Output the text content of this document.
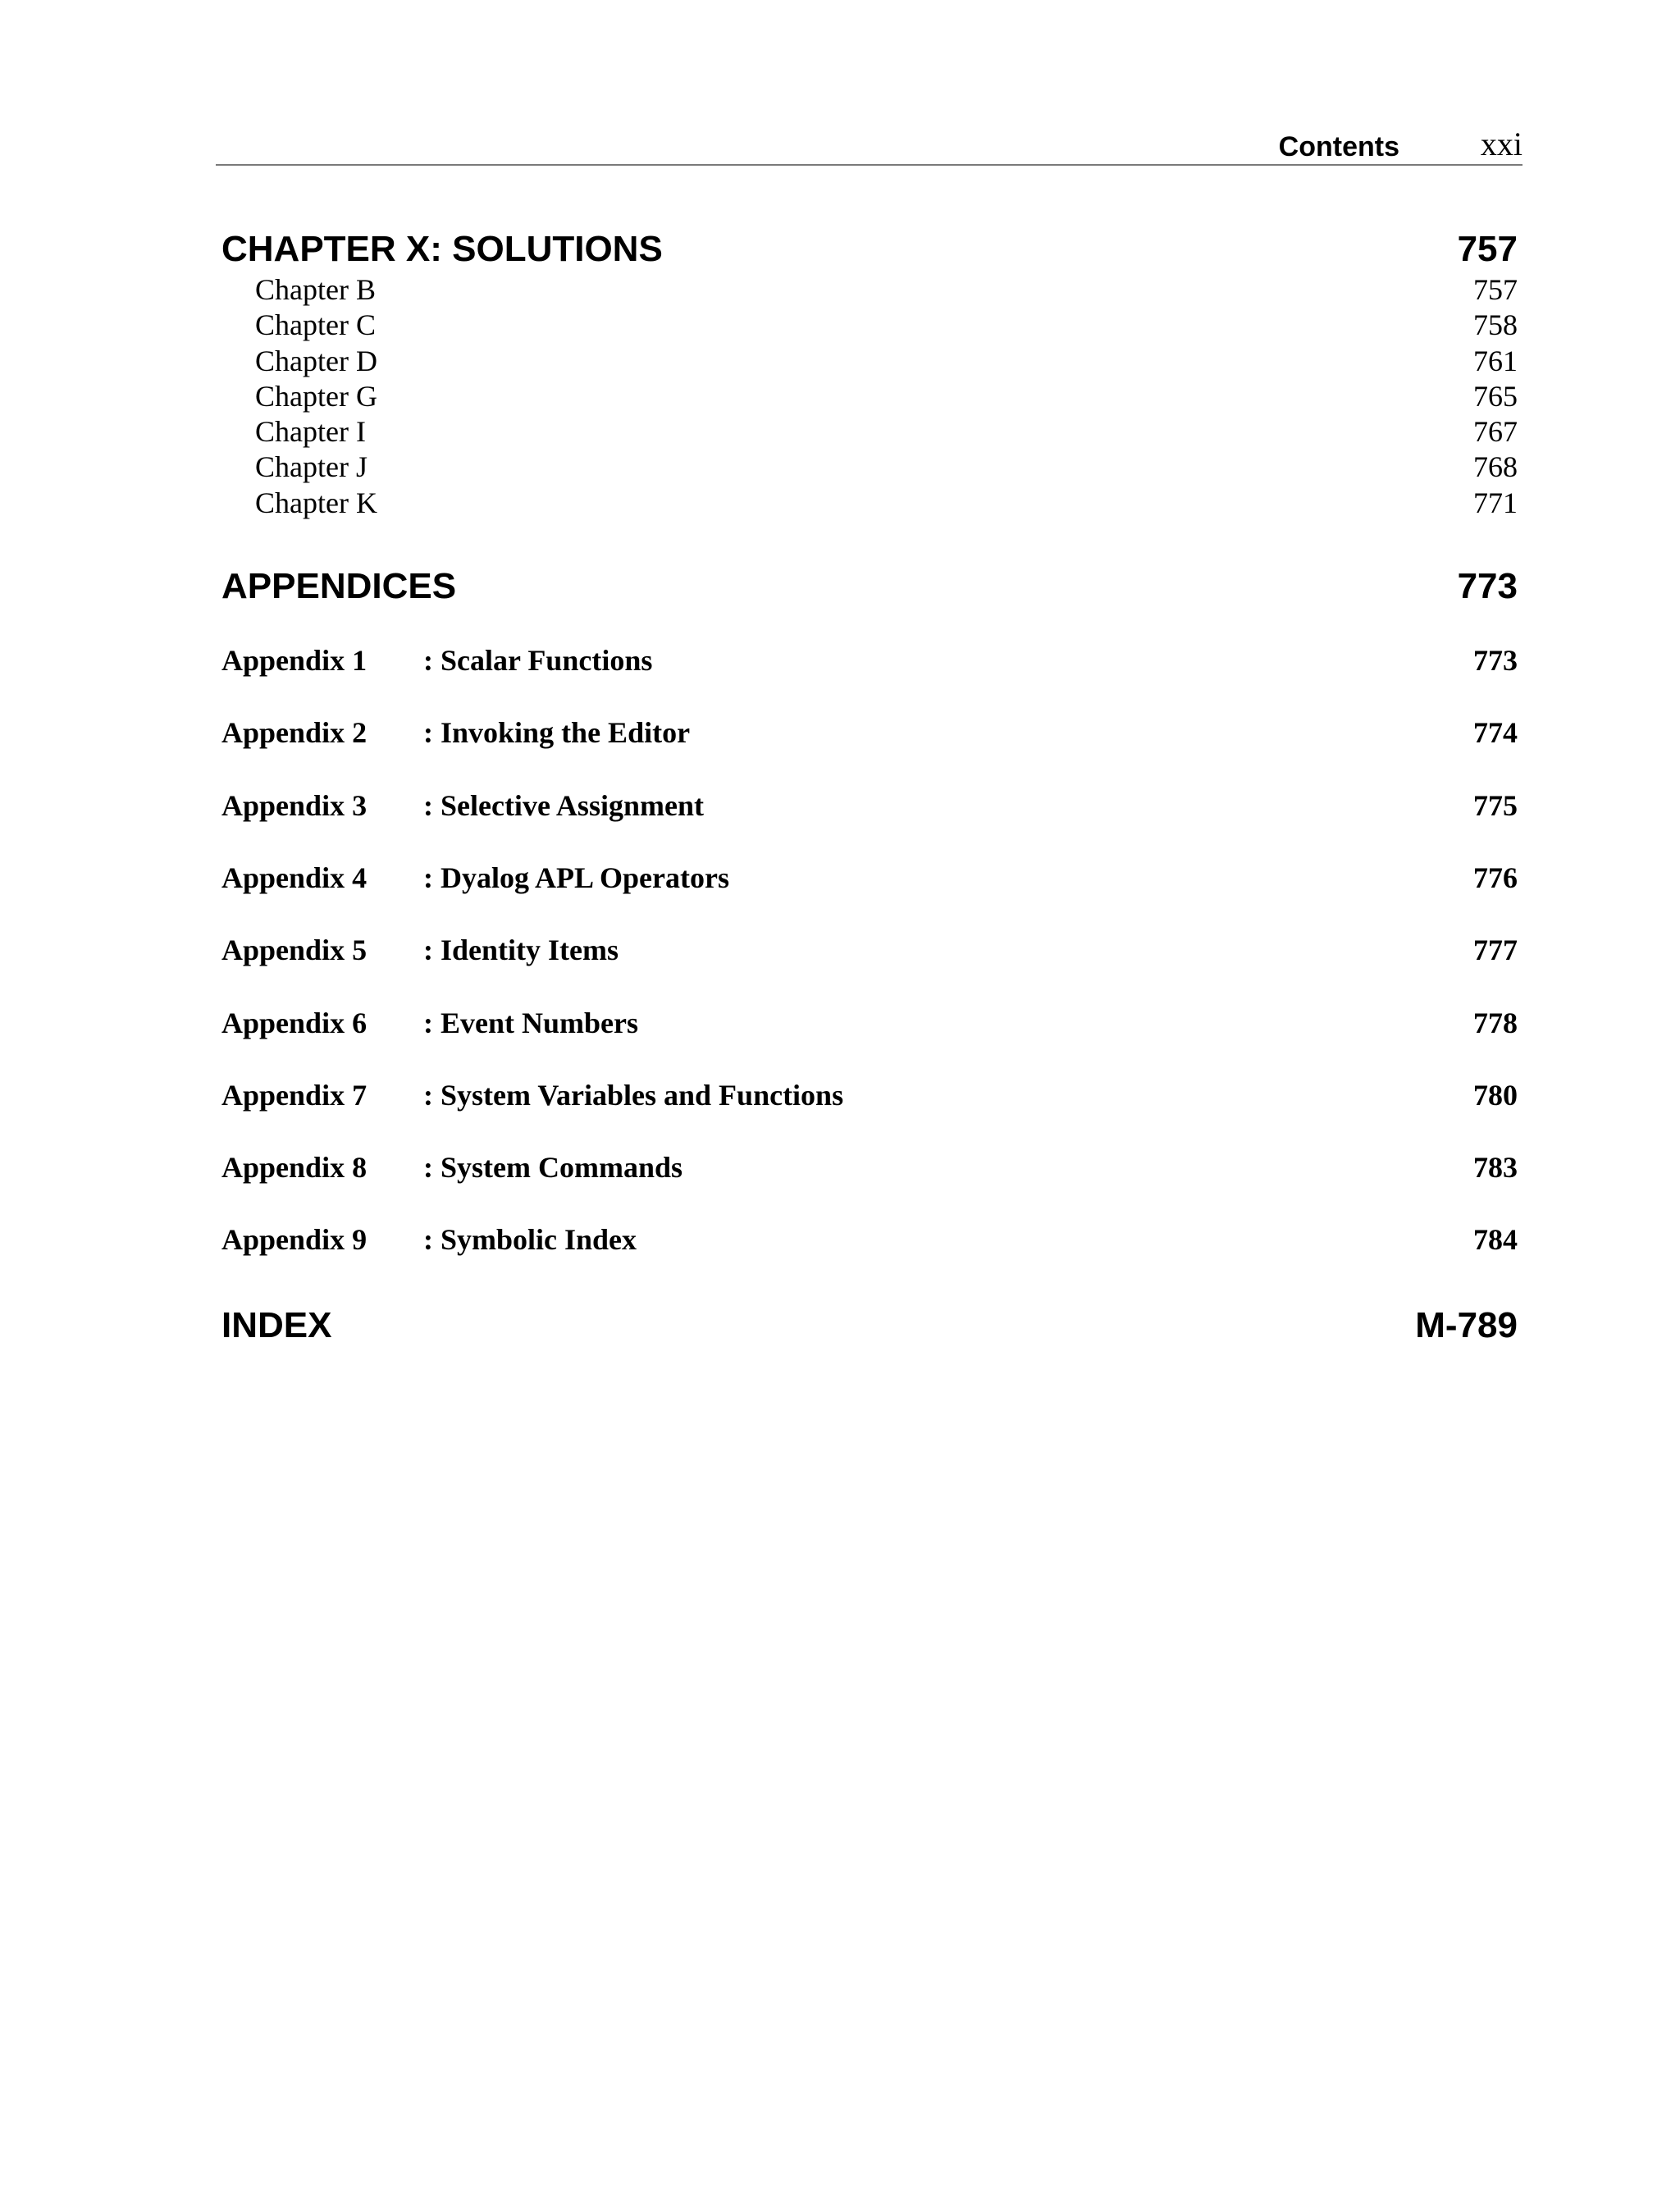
Contents xxi
CHAPTER X: SOLUTIONS	757
Chapter B	757
Chapter C	758
Chapter D	761
Chapter G	765
Chapter I	767
Chapter J	768
Chapter K	771
APPENDICES	773
Appendix 1	: Scalar Functions	773
Appendix 2	: Invoking the Editor	774
Appendix 3	: Selective Assignment	775
Appendix 4	: Dyalog APL Operators	776
Appendix 5	: Identity Items	777
Appendix 6	: Event Numbers	778
Appendix 7	: System Variables and Functions	780
Appendix 8	: System Commands	783
Appendix 9	: Symbolic Index	784
INDEX	M-789
